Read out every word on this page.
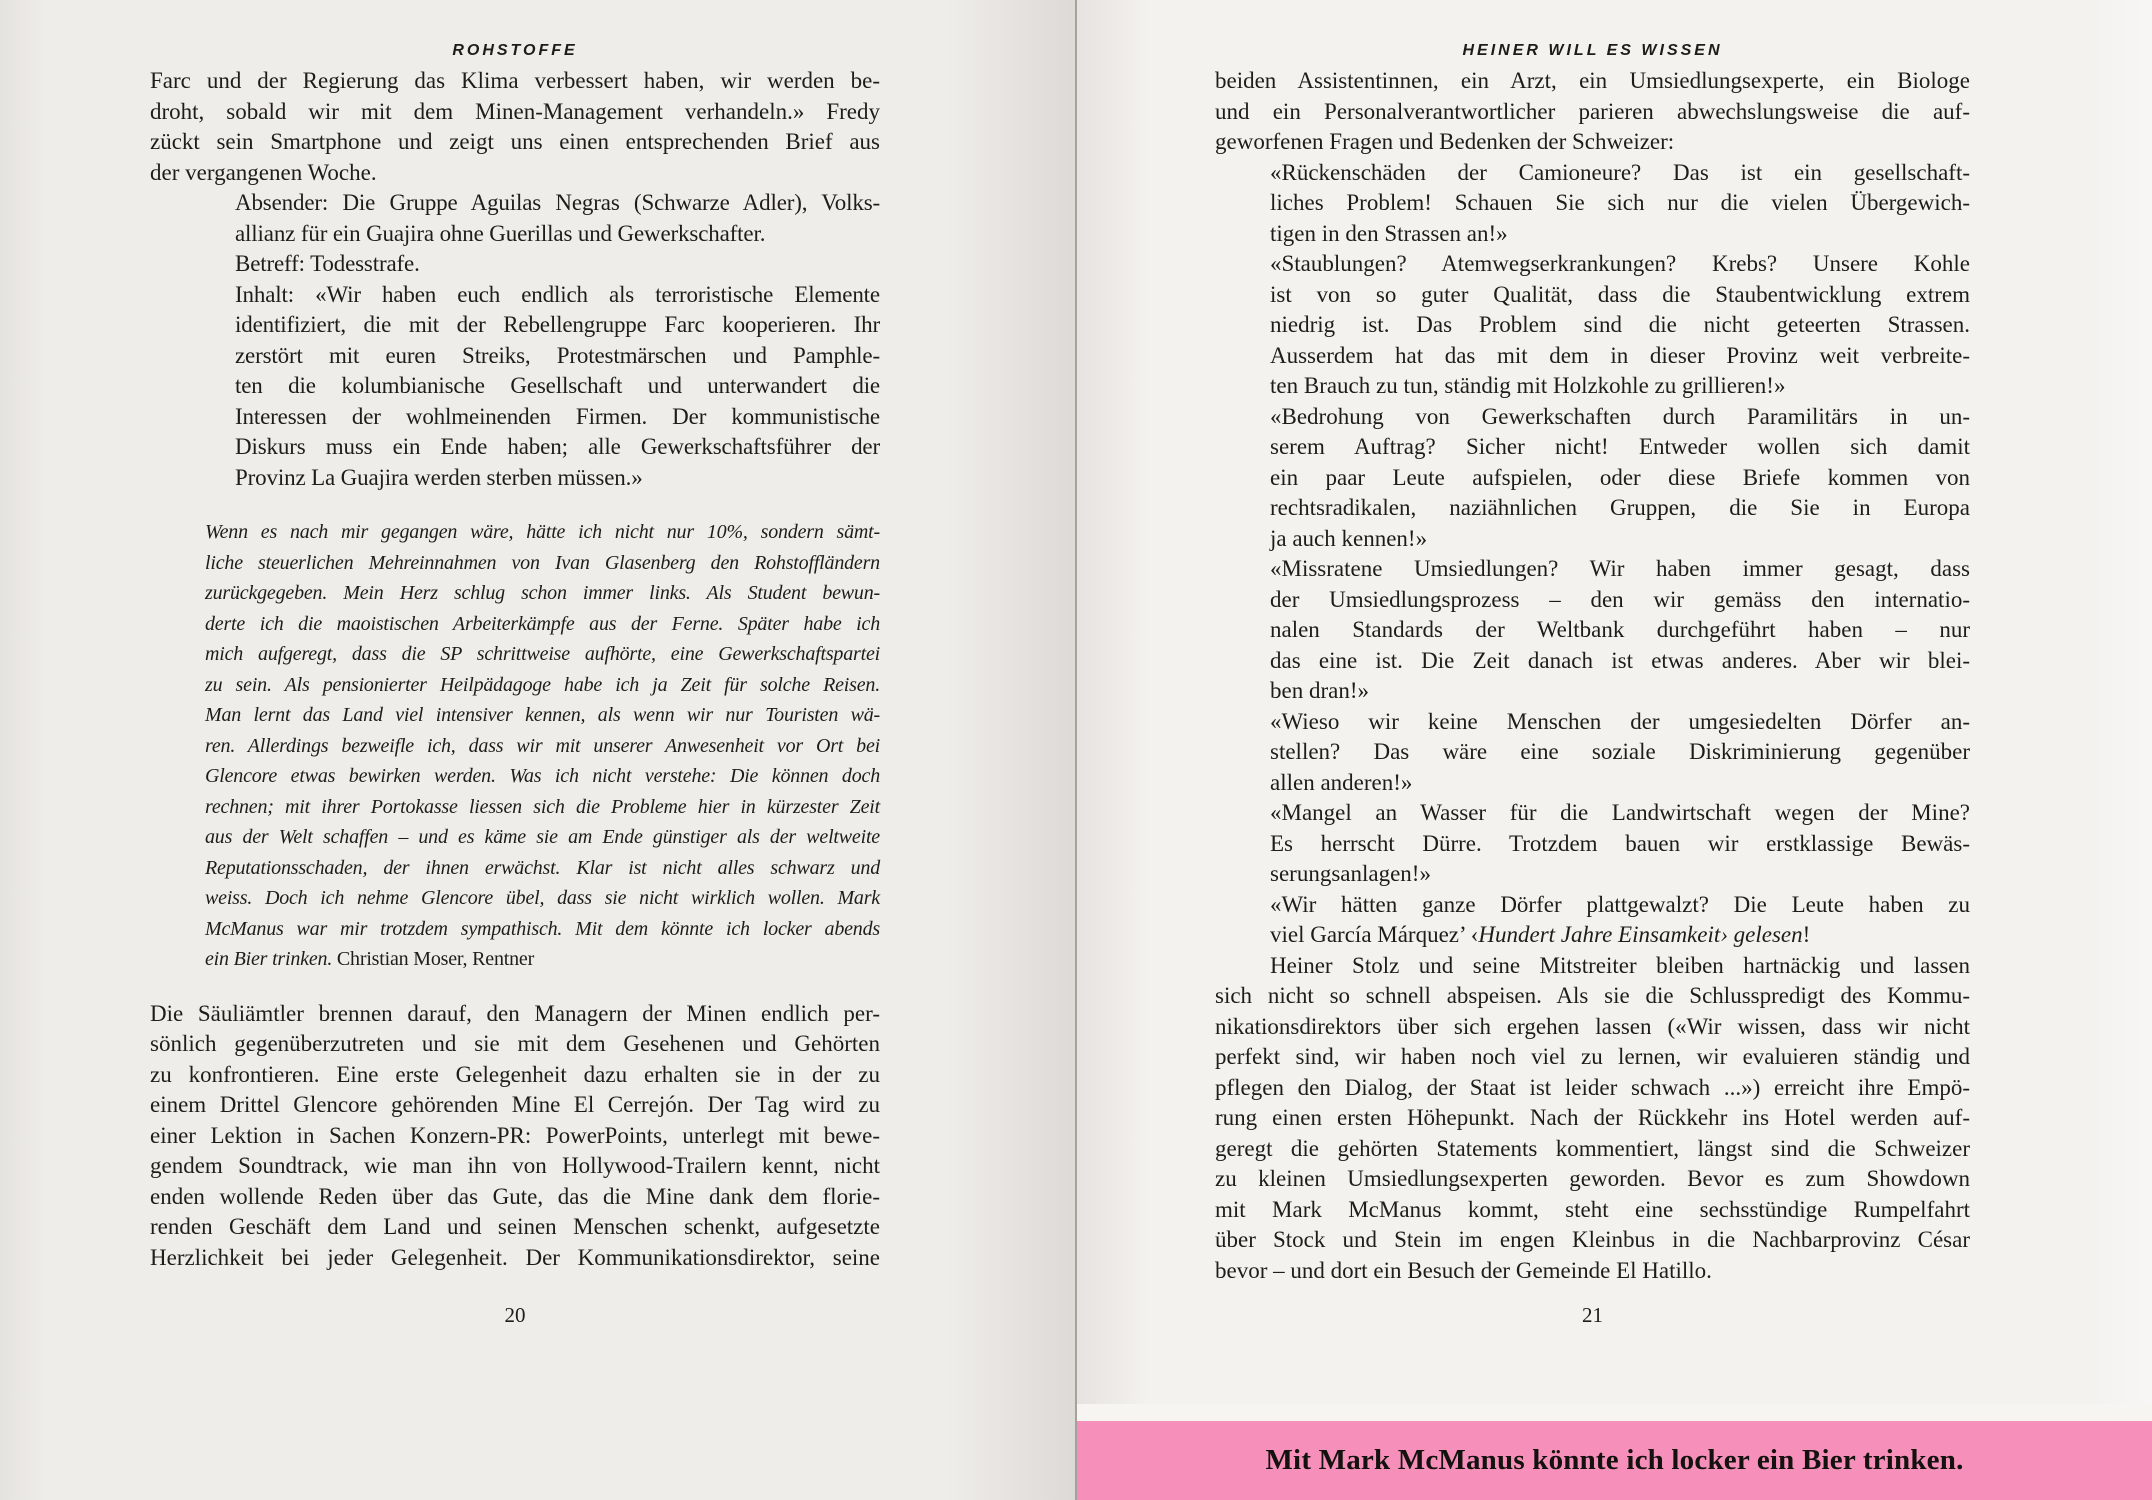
ROHSTOFFE	HEINER WILL ES WISSEN
Farc und der Regierung das Klima verbessert haben, wir werden be-
droht, sobald wir mit dem Minen-Management verhandeln.» Fredy
zückt sein Smartphone und zeigt uns einen entsprechenden Brief aus
der vergangenen Woche.
Absender: Die Gruppe Aguilas Negras (Schwarze Adler), Volks-
allianz für ein Guajira ohne Guerillas und Gewerkschafter.
Betreff: Todesstrafe.
Inhalt: «Wir haben euch endlich als terroristische Elemente
identifiziert, die mit der Rebellengruppe Farc kooperieren. Ihr
zerstört mit euren Streiks, Protestmärschen und Pamphle-
ten die kolumbianische Gesellschaft und unterwandert die
Interessen der wohlmeinenden Firmen. Der kommunistische
Diskurs muss ein Ende haben; alle Gewerkschaftsführer der
Provinz La Guajira werden sterben müssen.»
Wenn es nach mir gegangen wäre, hätte ich nicht nur 10%, sondern sämt-
liche steuerlichen Mehreinnahmen von Ivan Glasenberg den Rohstoffländern
zurückgegeben. Mein Herz schlug schon immer links. Als Student bewun-
derte ich die maoistischen Arbeiterkämpfe aus der Ferne. Später habe ich
mich aufgeregt, dass die SP schrittweise aufhörte, eine Gewerkschaftspartei
zu sein. Als pensionierter Heilpädagoge habe ich ja Zeit für solche Reisen.
Man lernt das Land viel intensiver kennen, als wenn wir nur Touristen wä-
ren. Allerdings bezweifle ich, dass wir mit unserer Anwesenheit vor Ort bei
Glencore etwas bewirken werden. Was ich nicht verstehe: Die können doch
rechnen; mit ihrer Portokasse liessen sich die Probleme hier in kürzester Zeit
aus der Welt schaffen – und es käme sie am Ende günstiger als der weltweite
Reputationsschaden, der ihnen erwächst. Klar ist nicht alles schwarz und
weiss. Doch ich nehme Glencore übel, dass sie nicht wirklich wollen. Mark
McManus war mir trotzdem sympathisch. Mit dem könnte ich locker abends
ein Bier trinken. Christian Moser, Rentner
Die Säuliämtler brennen darauf, den Managern der Minen endlich per-
sönlich gegenüberzutreten und sie mit dem Gesehenen und Gehörten
zu konfrontieren. Eine erste Gelegenheit dazu erhalten sie in der zu
einem Drittel Glencore gehörenden Mine El Cerrejón. Der Tag wird zu
einer Lektion in Sachen Konzern-PR: PowerPoints, unterlegt mit bewe-
gendem Soundtrack, wie man ihn von Hollywood-Trailern kennt, nicht
enden wollende Reden über das Gute, das die Mine dank dem florie-
renden Geschäft dem Land und seinen Menschen schenkt, aufgesetzte
Herzlichkeit bei jeder Gelegenheit. Der Kommunikationsdirektor, seine
beiden Assistentinnen, ein Arzt, ein Umsiedlungsexperte, ein Biologe
und ein Personalverantwortlicher parieren abwechslungsweise die auf-
geworfenen Fragen und Bedenken der Schweizer:
«Rückenschäden der Camioneure? Das ist ein gesellschaft-
liches Problem! Schauen Sie sich nur die vielen Übergewich-
tigen in den Strassen an!»
«Staublungen? Atemwegserkrankungen? Krebs? Unsere Kohle
ist von so guter Qualität, dass die Staubentwicklung extrem
niedrig ist. Das Problem sind die nicht geteerten Strassen.
Ausserdem hat das mit dem in dieser Provinz weit verbreite-
ten Brauch zu tun, ständig mit Holzkohle zu grillieren!»
«Bedrohung von Gewerkschaften durch Paramilitärs in un-
serem Auftrag? Sicher nicht! Entweder wollen sich damit
ein paar Leute aufspielen, oder diese Briefe kommen von
rechtsradikalen, naziähnlichen Gruppen, die Sie in Europa
ja auch kennen!»
«Missratene Umsiedlungen? Wir haben immer gesagt, dass
der Umsiedlungsprozess – den wir gemäss den internatio-
nalen Standards der Weltbank durchgeführt haben – nur
das eine ist. Die Zeit danach ist etwas anderes. Aber wir blei-
ben dran!»
«Wieso wir keine Menschen der umgesiedelten Dörfer an-
stellen? Das wäre eine soziale Diskriminierung gegenüber
allen anderen!»
«Mangel an Wasser für die Landwirtschaft wegen der Mine?
Es herrscht Dürre. Trotzdem bauen wir erstklassige Bewäs-
serungsanlagen!»
«Wir hätten ganze Dörfer plattgewalzt? Die Leute haben zu
viel García Márquez’ ‹Hundert Jahre Einsamkeit› gelesen!
Heiner Stolz und seine Mitstreiter bleiben hartnäckig und lassen
sich nicht so schnell abspeisen. Als sie die Schlusspredigt des Kommu-
nikationsdirektors über sich ergehen lassen («Wir wissen, dass wir nicht
perfekt sind, wir haben noch viel zu lernen, wir evaluieren ständig und
pflegen den Dialog, der Staat ist leider schwach ...») erreicht ihre Empö-
rung einen ersten Höhepunkt. Nach der Rückkehr ins Hotel werden auf-
geregt die gehörten Statements kommentiert, längst sind die Schweizer
zu kleinen Umsiedlungsexperten geworden. Bevor es zum Showdown
mit Mark McManus kommt, steht eine sechsstündige Rumpelfahrt
über Stock und Stein im engen Kleinbus in die Nachbarprovinz César
bevor – und dort ein Besuch der Gemeinde El Hatillo.
20	21
Mit Mark McManus könnte ich locker ein Bier trinken.
